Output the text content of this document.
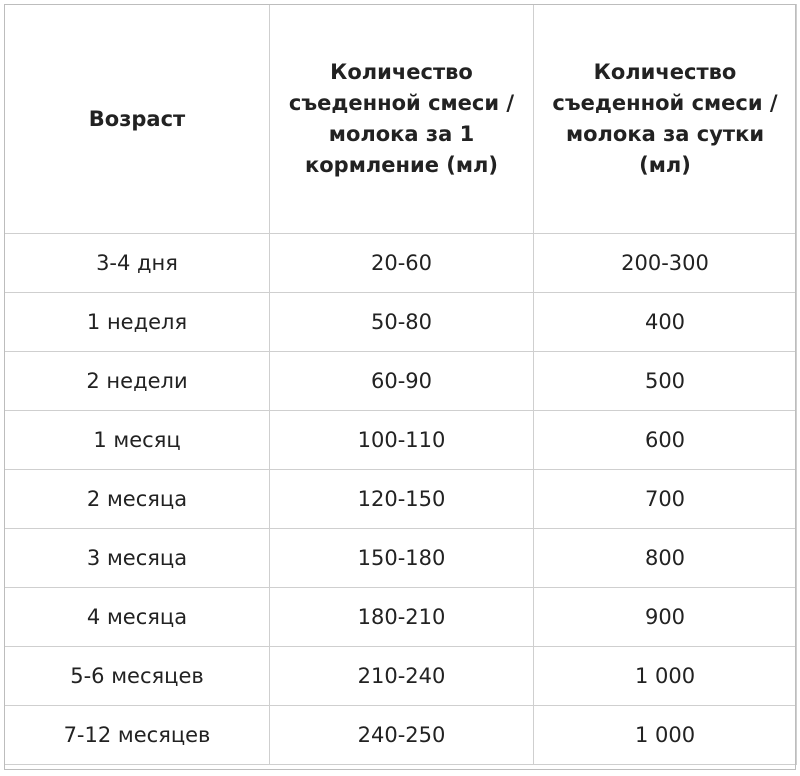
Возраст	Количество съеденной смеси / молока за 1 кормление (мл)	Количество съеденной смеси / молока за сутки (мл)
3-4 дня	20-60	200-300
1 неделя	50-80	400
2 недели	60-90	500
1 месяц	100-110	600
2 месяца	120-150	700
3 месяца	150-180	800
4 месяца	180-210	900
5-6 месяцев	210-240	1 000
7-12 месяцев	240-250	1 000
